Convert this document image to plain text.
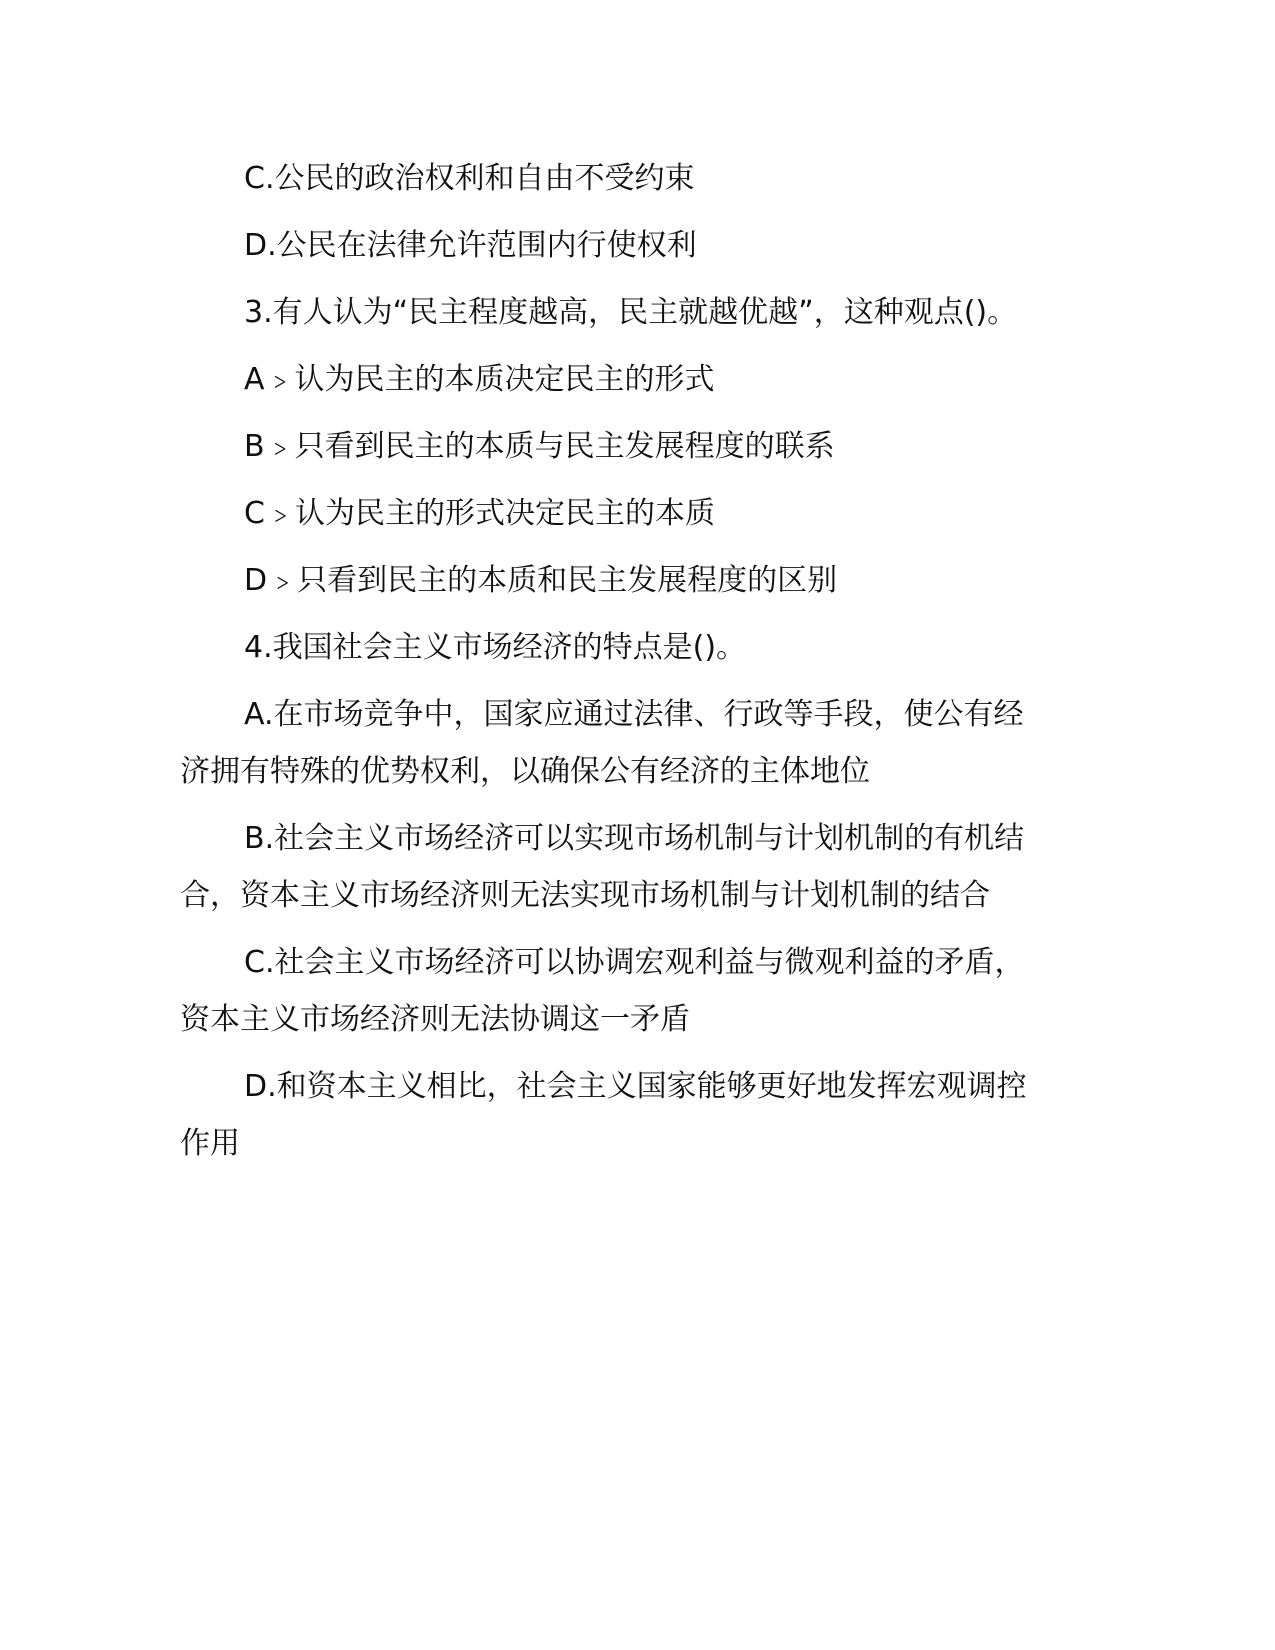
C.公民的政治权利和自由不受约束

D.公民在法律允许范围内行使权利

3.有人认为“民主程度越高，民主就越优越”，这种观点()。

A﹥认为民主的本质决定民主的形式

B﹥只看到民主的本质与民主发展程度的联系

C﹥认为民主的形式决定民主的本质

D﹥只看到民主的本质和民主发展程度的区别

4.我国社会主义市场经济的特点是()。

A.在市场竞争中，国家应通过法律、行政等手段，使公有经济拥有特殊的优势权利，以确保公有经济的主体地位

B.社会主义市场经济可以实现市场机制与计划机制的有机结合，资本主义市场经济则无法实现市场机制与计划机制的结合

C.社会主义市场经济可以协调宏观利益与微观利益的矛盾，资本主义市场经济则无法协调这一矛盾

D.和资本主义相比，社会主义国家能够更好地发挥宏观调控作用
